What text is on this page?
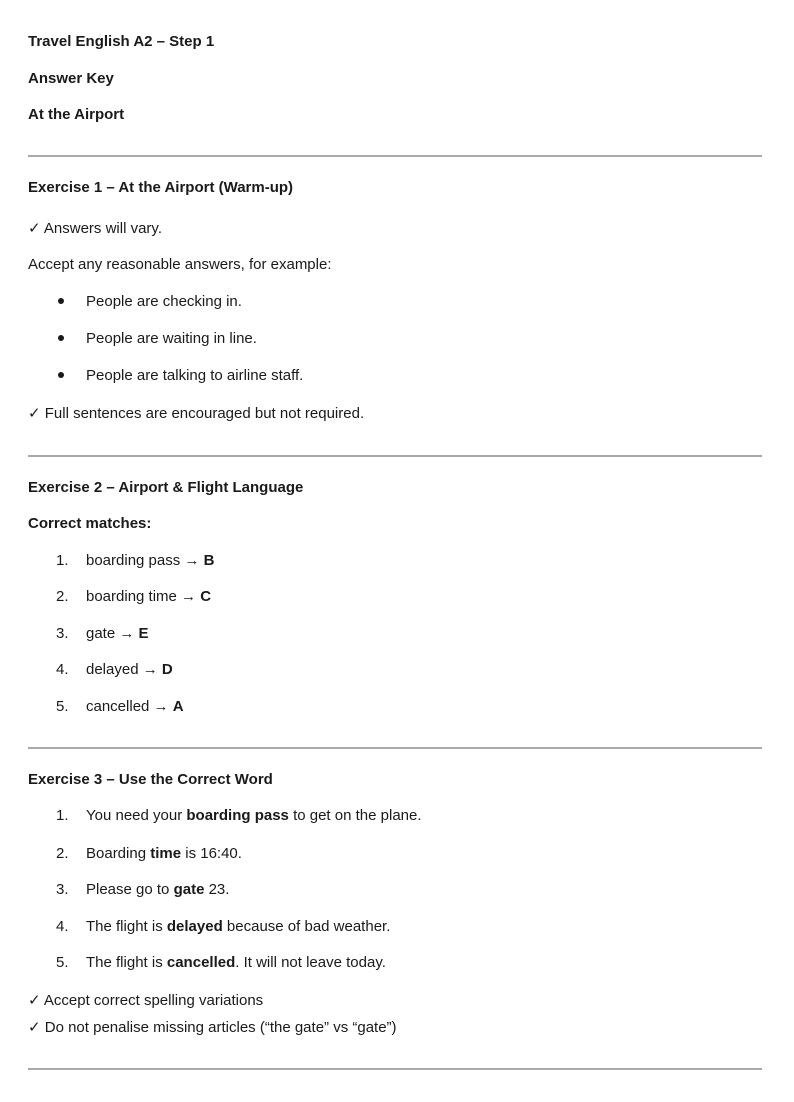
Travel English A2 – Step 1
Answer Key
At the Airport
Exercise 1 – At the Airport (Warm-up)
✓ Answers will vary.
Accept any reasonable answers, for example:
People are checking in.
People are waiting in line.
People are talking to airline staff.
✓ Full sentences are encouraged but not required.
Exercise 2 – Airport & Flight Language
Correct matches:
1. boarding pass → B
2. boarding time → C
3. gate → E
4. delayed → D
5. cancelled → A
Exercise 3 – Use the Correct Word
1. You need your boarding pass to get on the plane.
2. Boarding time is 16:40.
3. Please go to gate 23.
4. The flight is delayed because of bad weather.
5. The flight is cancelled. It will not leave today.
✓ Accept correct spelling variations
✓ Do not penalise missing articles (“the gate” vs “gate”)
